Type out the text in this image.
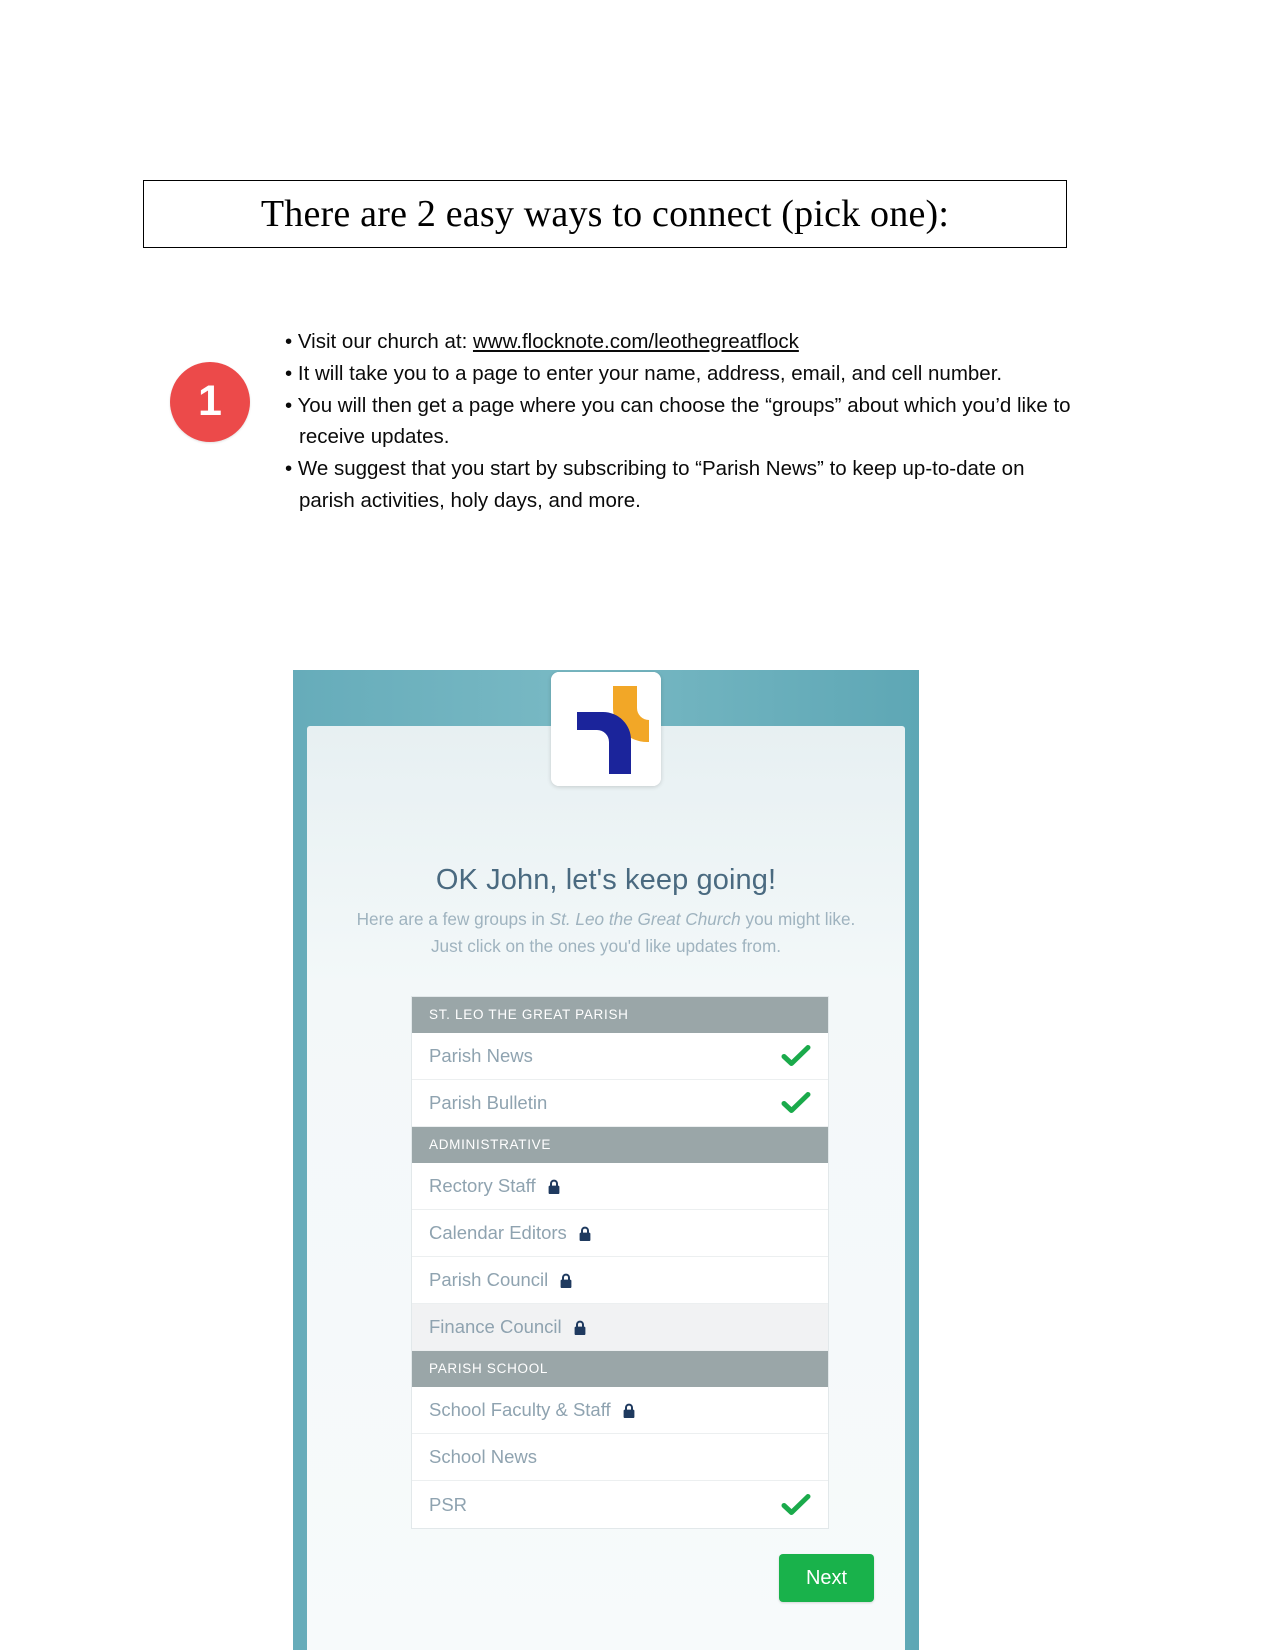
There are 2 easy ways to connect (pick one):
1
• Visit our church at: www.flocknote.com/leothegreatflock
• It will take you to a page to enter your name, address, email, and cell number.
• You will then get a page where you can choose the “groups” about which you’d like to receive updates.
• We suggest that you start by subscribing to “Parish News” to keep up-to-date on parish activities, holy days, and more.
OK John, let's keep going!
Here are a few groups in St. Leo the Great Church you might like. Just click on the ones you'd like updates from.
ST. LEO THE GREAT PARISH
Parish News
Parish Bulletin
ADMINISTRATIVE
Rectory Staff
Calendar Editors
Parish Council
Finance Council
PARISH SCHOOL
School Faculty & Staff
School News
PSR
Next
